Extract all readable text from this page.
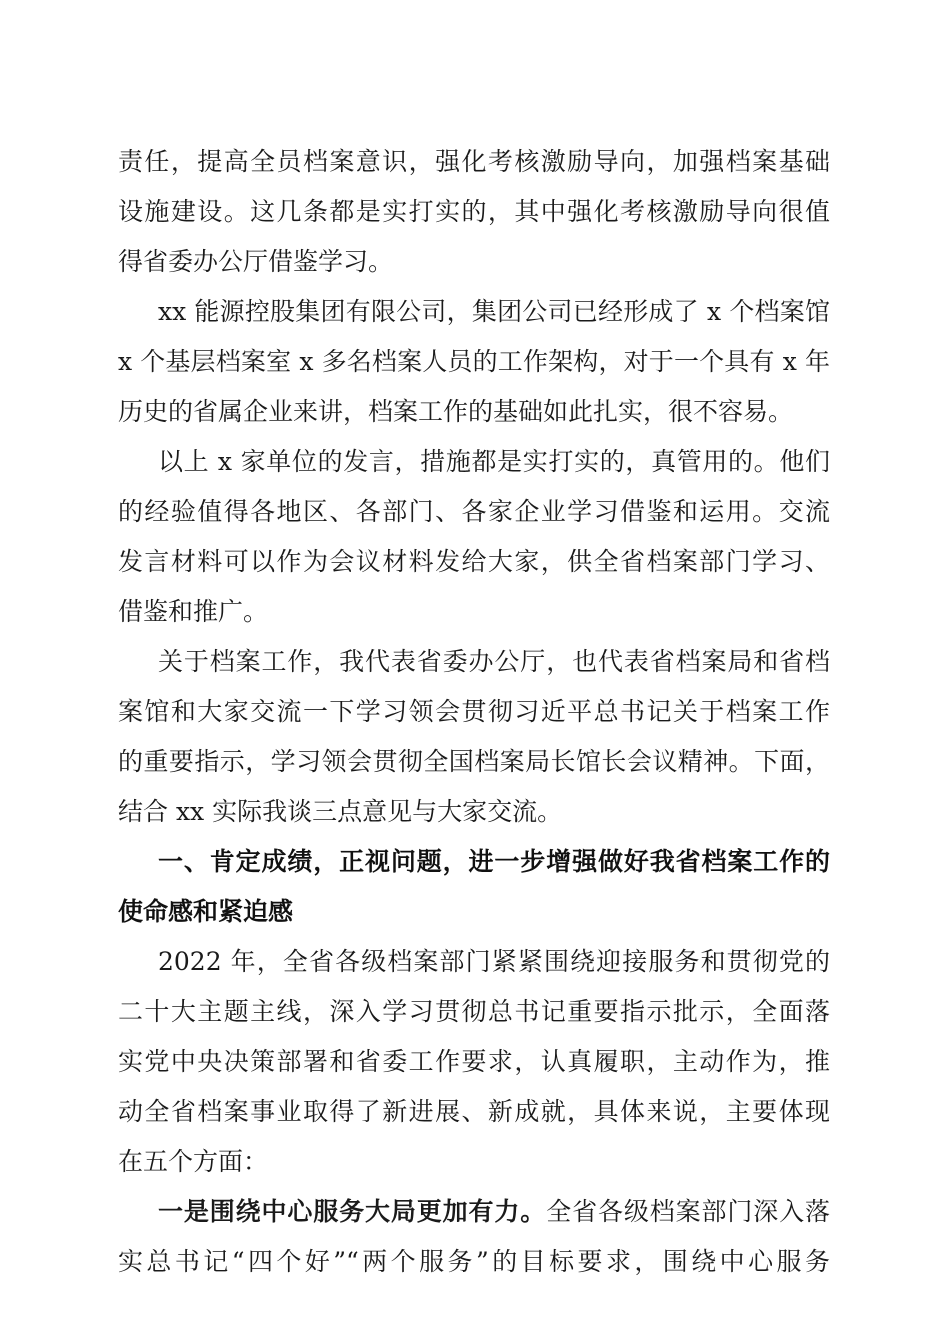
责任，提高全员档案意识，强化考核激励导向，加强档案基础
设施建设。这几条都是实打实的，其中强化考核激励导向很值
得省委办公厅借鉴学习。
xx 能源控股集团有限公司，集团公司已经形成了 x 个档案馆
x 个基层档案室 x 多名档案人员的工作架构，对于一个具有 x 年
历史的省属企业来讲，档案工作的基础如此扎实，很不容易。
以上 x 家单位的发言，措施都是实打实的，真管用的。他们
的经验值得各地区、各部门、各家企业学习借鉴和运用。交流
发言材料可以作为会议材料发给大家，供全省档案部门学习、
借鉴和推广。
关于档案工作，我代表省委办公厅，也代表省档案局和省档
案馆和大家交流一下学习领会贯彻习近平总书记关于档案工作
的重要指示，学习领会贯彻全国档案局长馆长会议精神。下面，
结合 xx 实际我谈三点意见与大家交流。
一、肯定成绩，正视问题，进一步增强做好我省档案工作的
使命感和紧迫感
2022 年，全省各级档案部门紧紧围绕迎接服务和贯彻党的
二十大主题主线，深入学习贯彻总书记重要指示批示，全面落
实党中央决策部署和省委工作要求，认真履职，主动作为，推
动全省档案事业取得了新进展、新成就，具体来说，主要体现
在五个方面：
一是围绕中心服务大局更加有力。全省各级档案部门深入落
实总书记“四个好”“两个服务”的目标要求，围绕中心服务
